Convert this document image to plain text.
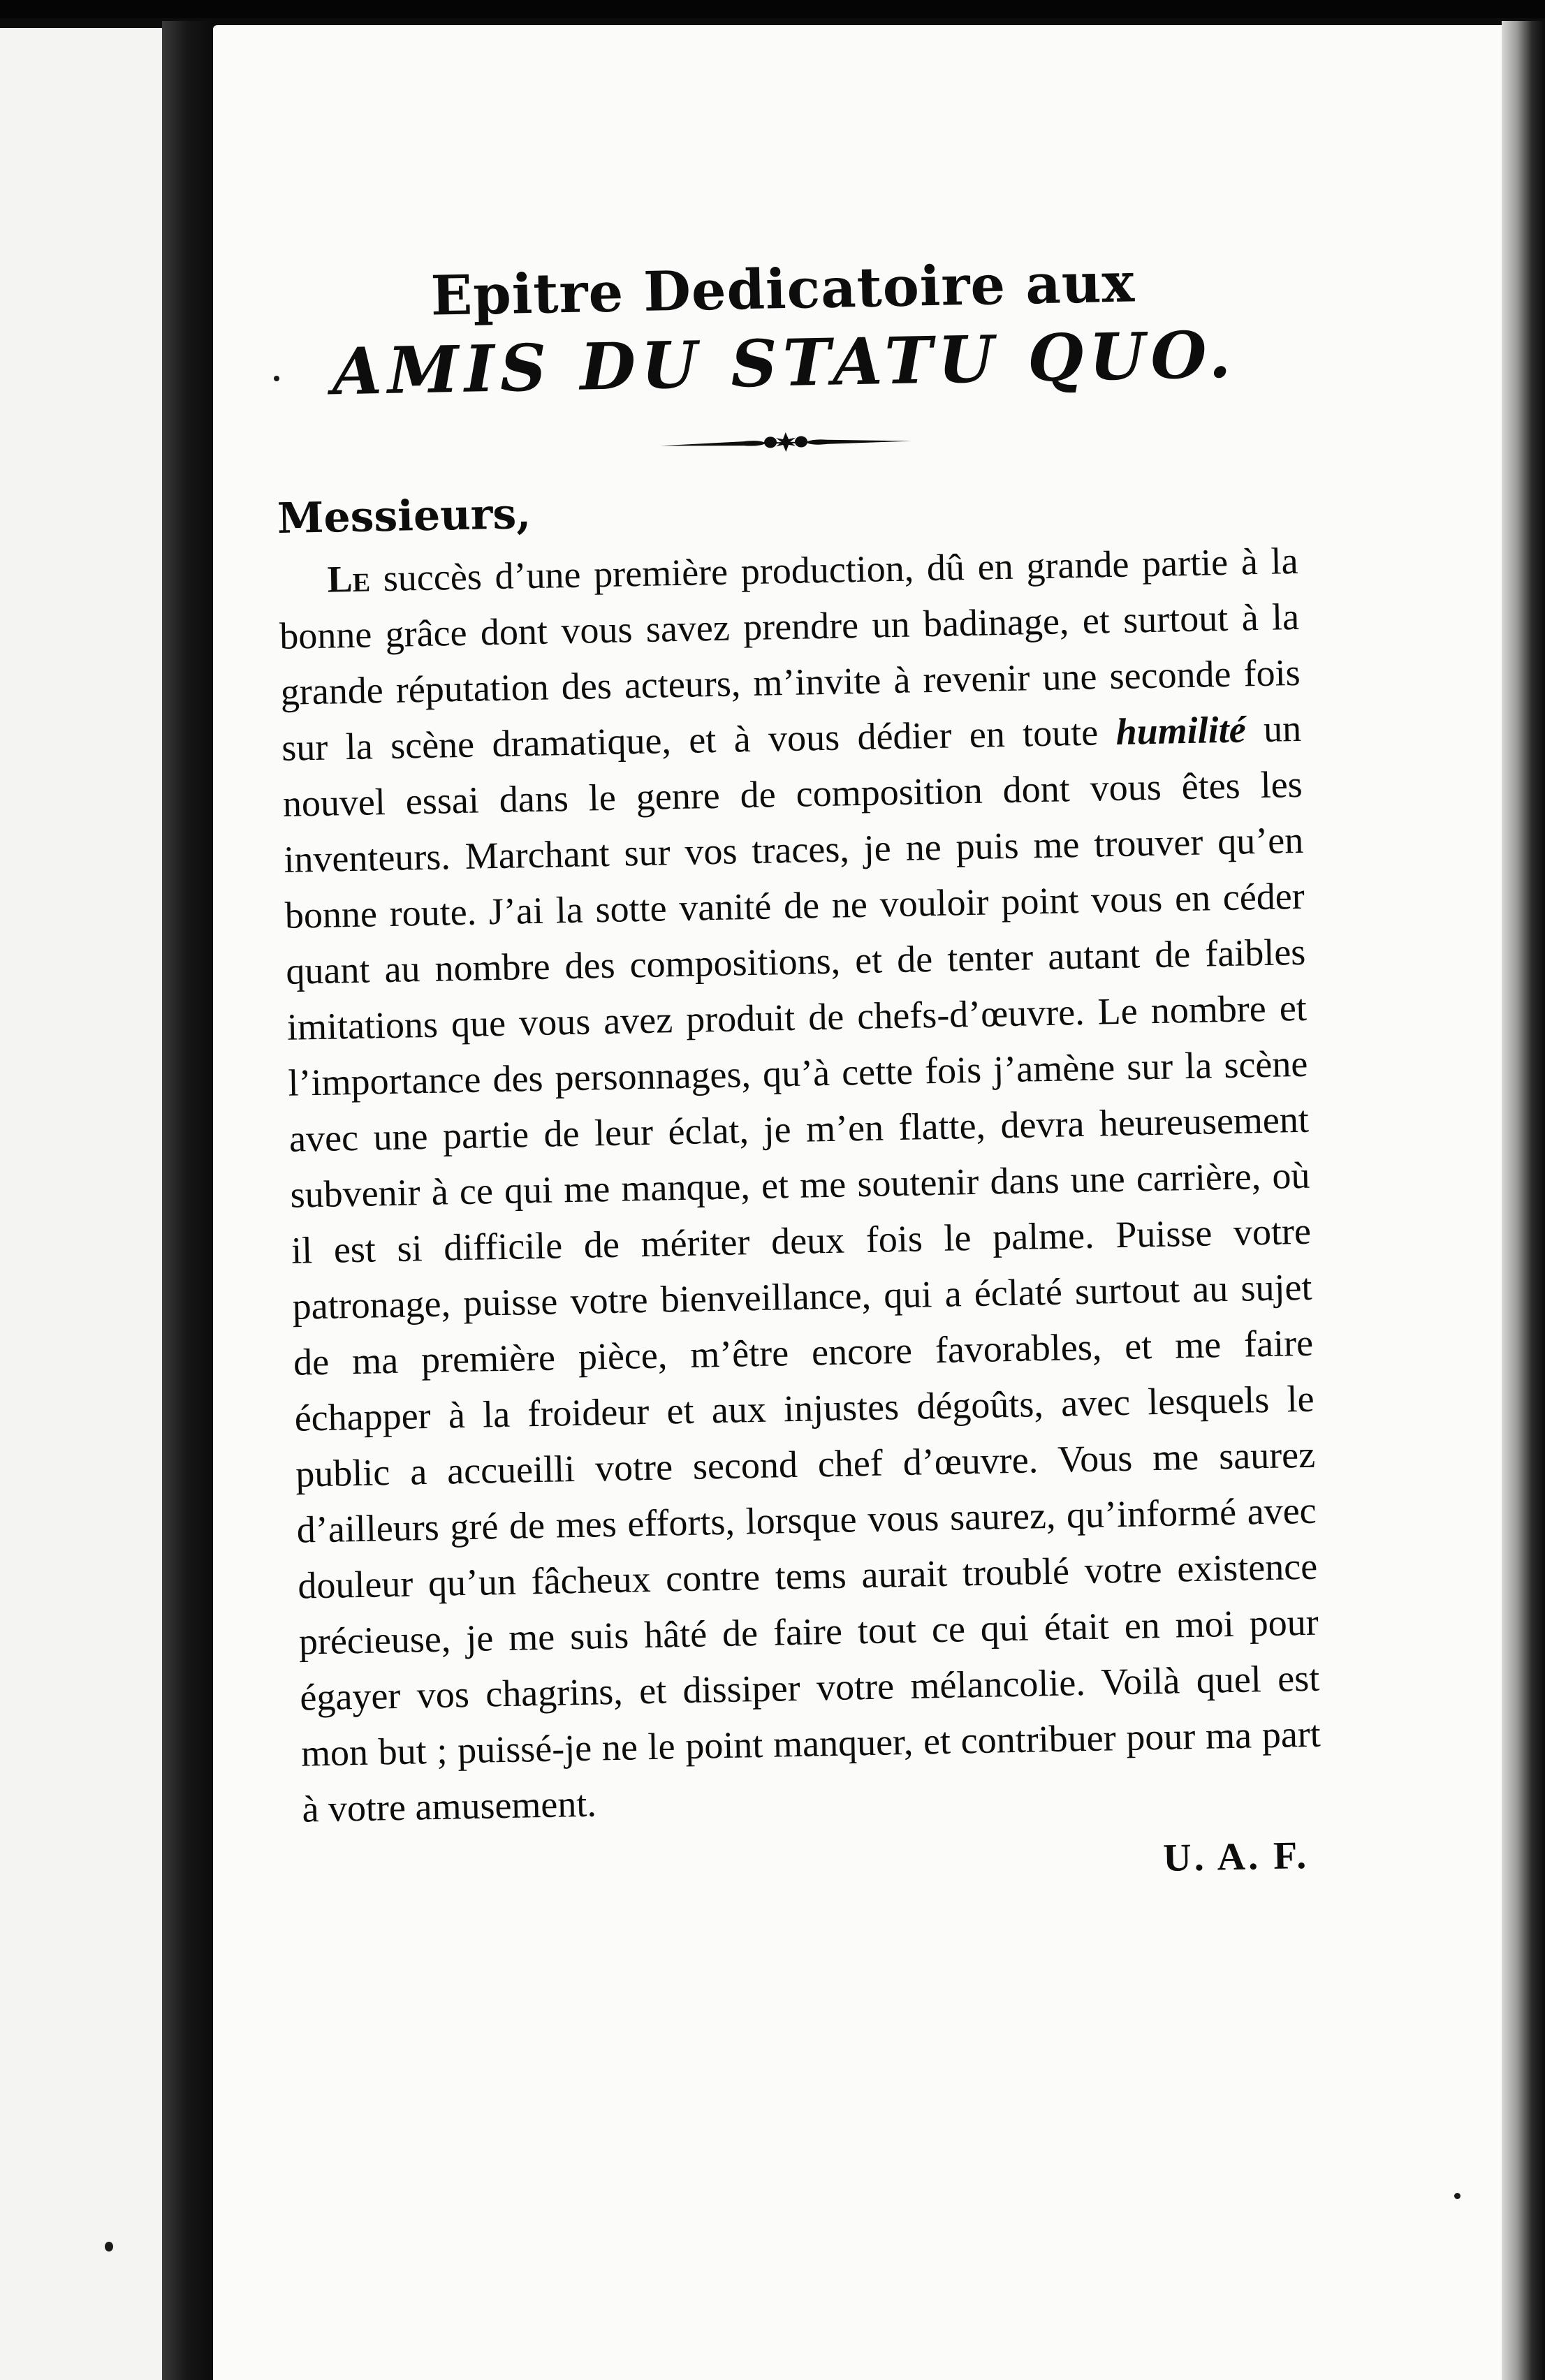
Epitre Dedicatoire aux
AMIS DU STATU QUO.

Messieurs,

Le succès d’une première production, dû en grande partie à la bonne grâce dont vous savez prendre un badinage, et surtout à la grande réputation des acteurs, m’invite à revenir une seconde fois sur la scène dramatique, et à vous dédier en toute humilité un nouvel essai dans le genre de composition dont vous êtes les inventeurs. Marchant sur vos traces, je ne puis me trouver qu’en bonne route. J’ai la sotte vanité de ne vouloir point vous en céder quant au nombre des compositions, et de tenter autant de faibles imitations que vous avez produit de chefs-d’œuvre. Le nombre et l’importance des personnages, qu’à cette fois j’amène sur la scène avec une partie de leur éclat, je m’en flatte, devra heureusement subvenir à ce qui me manque, et me soutenir dans une carrière, où il est si difficile de mériter deux fois le palme. Puisse votre patronage, puisse votre bienveillance, qui a éclaté surtout au sujet de ma première pièce, m’être encore favorables, et me faire échapper à la froideur et aux injustes dégoûts, avec lesquels le public a accueilli votre second chef d’œuvre. Vous me saurez d’ailleurs gré de mes efforts, lorsque vous saurez, qu’informé avec douleur qu’un fâcheux contre tems aurait troublé votre existence précieuse, je me suis hâté de faire tout ce qui était en moi pour égayer vos chagrins, et dissiper votre mélancolie. Voilà quel est mon but ; puissé-je ne le point manquer, et contribuer pour ma part à votre amusement.

U. A. F.
